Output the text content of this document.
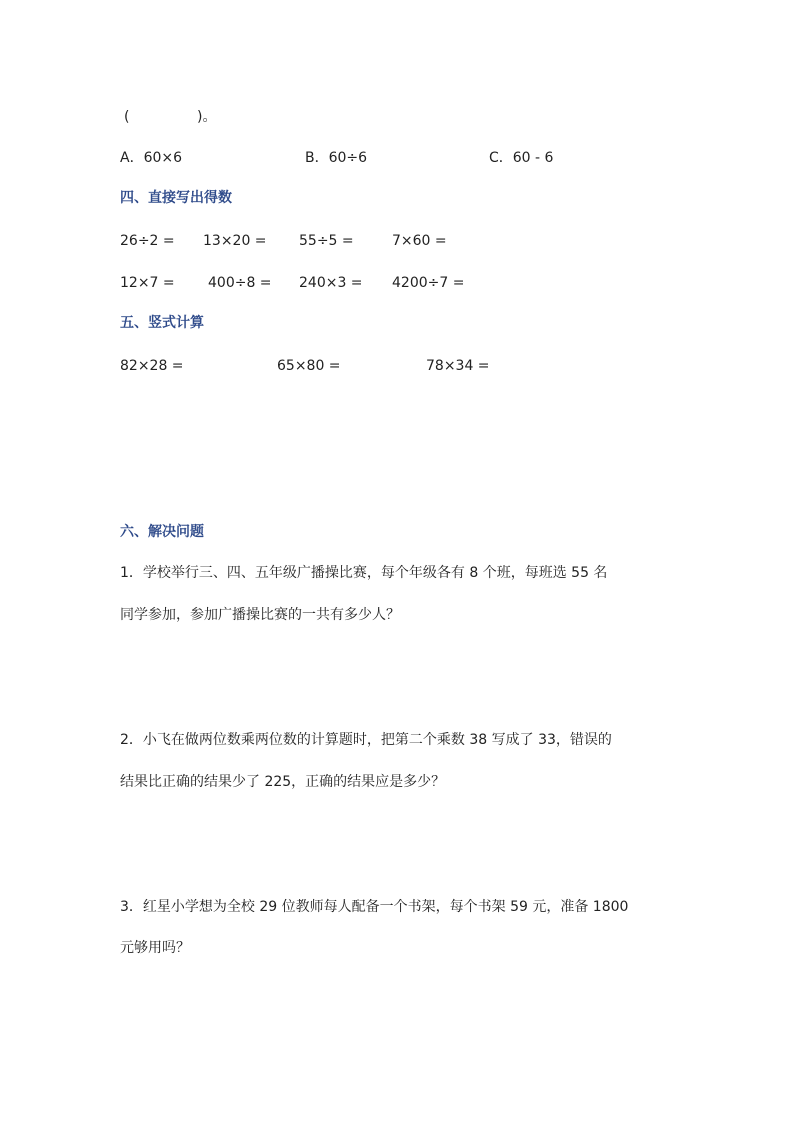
(	)。
A．60×6	B．60÷6	C．60 - 6
四、直接写出得数
26÷2 = 13×20 = 55÷5 =	7×60 =
12×7 = 400÷8 = 240×3 = 4200÷7 =
五、竖式计算
82×28 =	65×80 =	78×34 =
六、解决问题
1．学校举行三、四、五年级广播操比赛，每个年级各有 8 个班，每班选 55 名
同学参加，参加广播操比赛的一共有多少人？
2．小飞在做两位数乘两位数的计算题时，把第二个乘数 38 写成了 33，错误的
结果比正确的结果少了 225，正确的结果应是多少？
3．红星小学想为全校 29 位教师每人配备一个书架，每个书架 59 元，准备 1800
元够用吗？
